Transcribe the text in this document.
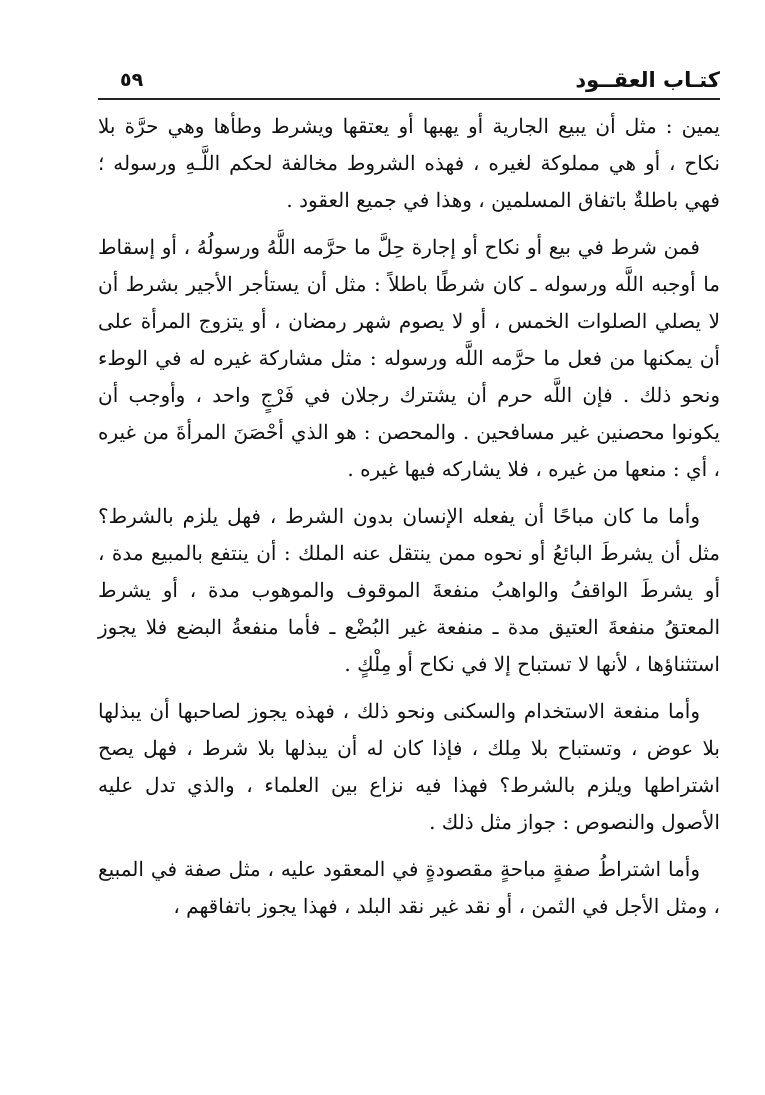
٥٩	كتـاب العقــود

يمين : مثل أن يبيع الجارية أو يهبها أو يعتقها ويشرط وطأها وهي حرَّة بلا نكاح ، أو هي مملوكة لغيره ، فهذه الشروط مخالفة لحكم اللَّـهِ ورسوله ؛ فهي باطلةٌ باتفاق المسلمين ، وهذا في جميع العقود .

فمن شرط في بيع أو نكاح أو إجارة حِلَّ ما حرَّمه اللَّهُ ورسولُهُ ، أو إسقاط ما أوجبه اللَّه ورسوله ـ كان شرطًا باطلاً : مثل أن يستأجر الأجير بشرط أن لا يصلي الصلوات الخمس ، أو لا يصوم شهر رمضان ، أو يتزوج المرأة على أن يمكنها من فعل ما حرَّمه اللَّه ورسوله : مثل مشاركة غيره له في الوطء ونحو ذلك . فإن اللَّه حرم أن يشترك رجلان في فَرْجٍ واحد ، وأوجب أن يكونوا محصنين غير مسافحين . والمحصن : هو الذي أحْصَنَ المرأةَ من غيره ، أي : منعها من غيره ، فلا يشاركه فيها غيره .

وأما ما كان مباحًا أن يفعله الإنسان بدون الشرط ، فهل يلزم بالشرط؟ مثل أن يشرطَ البائعُ أو نحوه ممن ينتقل عنه الملك : أن ينتفع بالمبيع مدة ، أو يشرطَ الواقفُ والواهبُ منفعةَ الموقوف والموهوب مدة ، أو يشرط المعتقُ منفعةَ العتيق مدة ـ منفعة غير البُضْع ـ فأما منفعةُ البضع فلا يجوز استثناؤها ، لأنها لا تستباح إلا في نكاح أو مِلْكٍ .

وأما منفعة الاستخدام والسكنى ونحو ذلك ، فهذه يجوز لصاحبها أن يبذلها بلا عوض ، وتستباح بلا مِلك ، فإذا كان له أن يبذلها بلا شرط ، فهل يصح اشتراطها ويلزم بالشرط؟ فهذا فيه نزاع بين العلماء ، والذي تدل عليه الأصول والنصوص : جواز مثل ذلك .

وأما اشتراطُ صفةٍ مباحةٍ مقصودةٍ في المعقود عليه ، مثل صفة في المبيع ، ومثل الأجل في الثمن ، أو نقد غير نقد البلد ، فهذا يجوز باتفاقهم ،
